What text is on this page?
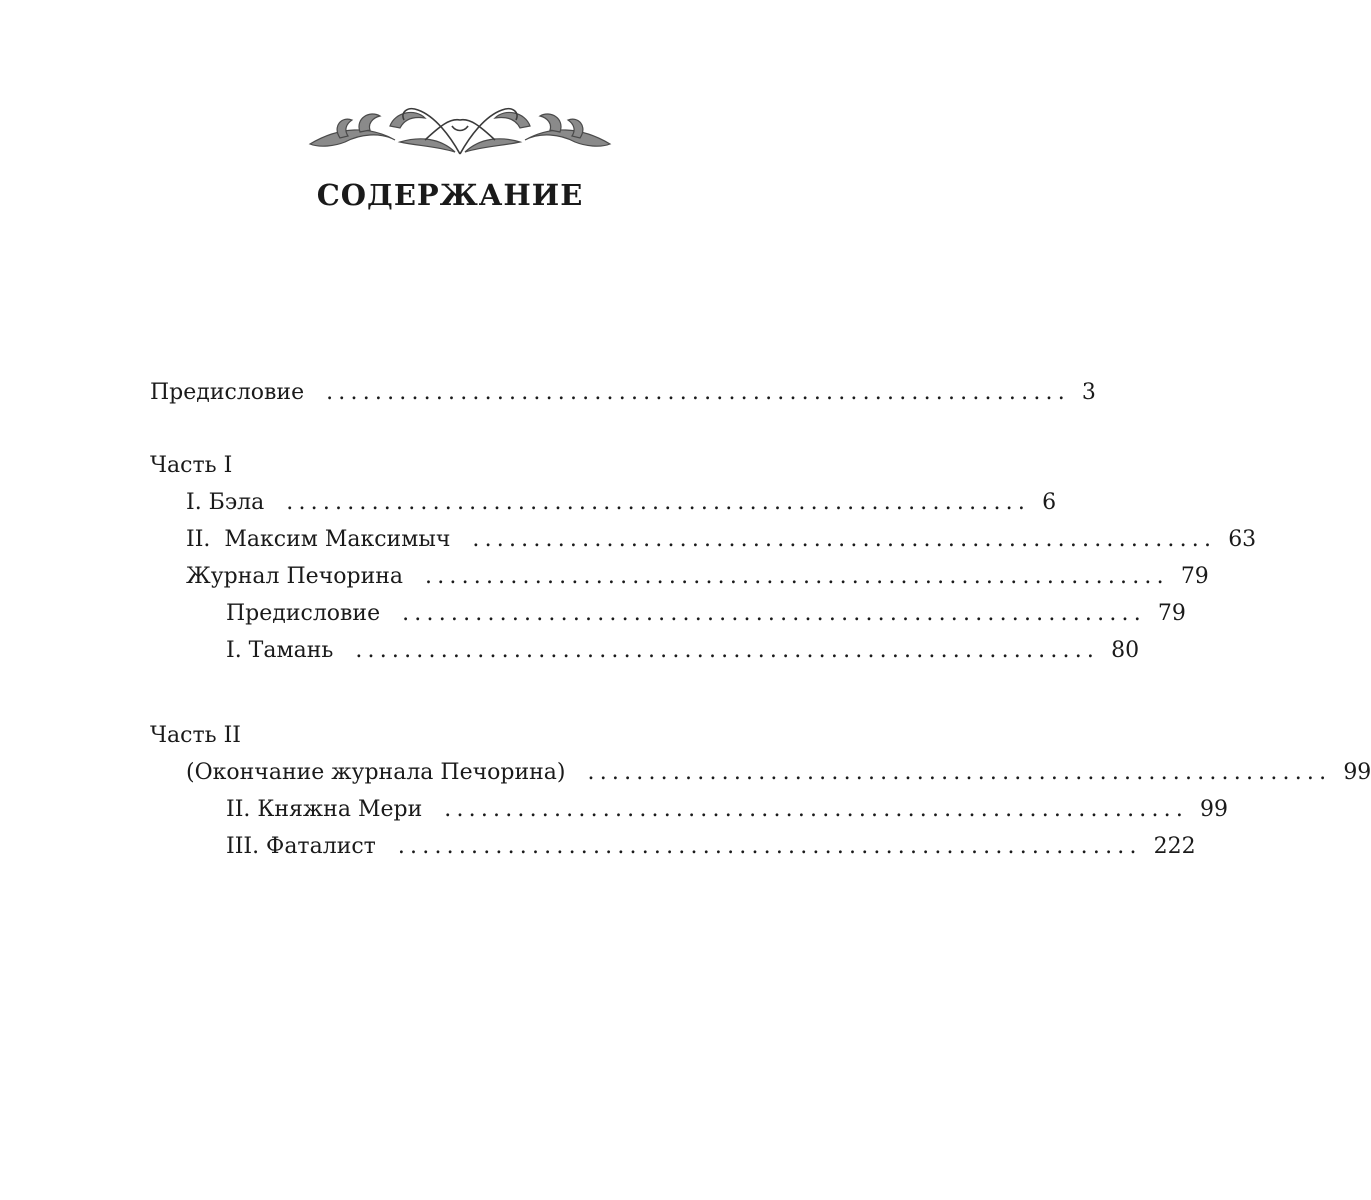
СОДЕРЖАНИЕ
Предисловие ............................................................. 3
Часть I
I. Бэла ............................................................. 6
II.  Максим Максимыч ............................................................. 63
Журнал Печорина ............................................................. 79
Предисловие ............................................................. 79
I. Тамань ............................................................. 80
Часть II
(Окончание журнала Печорина) ............................................................. 99
II. Княжна Мери ............................................................. 99
III. Фаталист ............................................................. 222
